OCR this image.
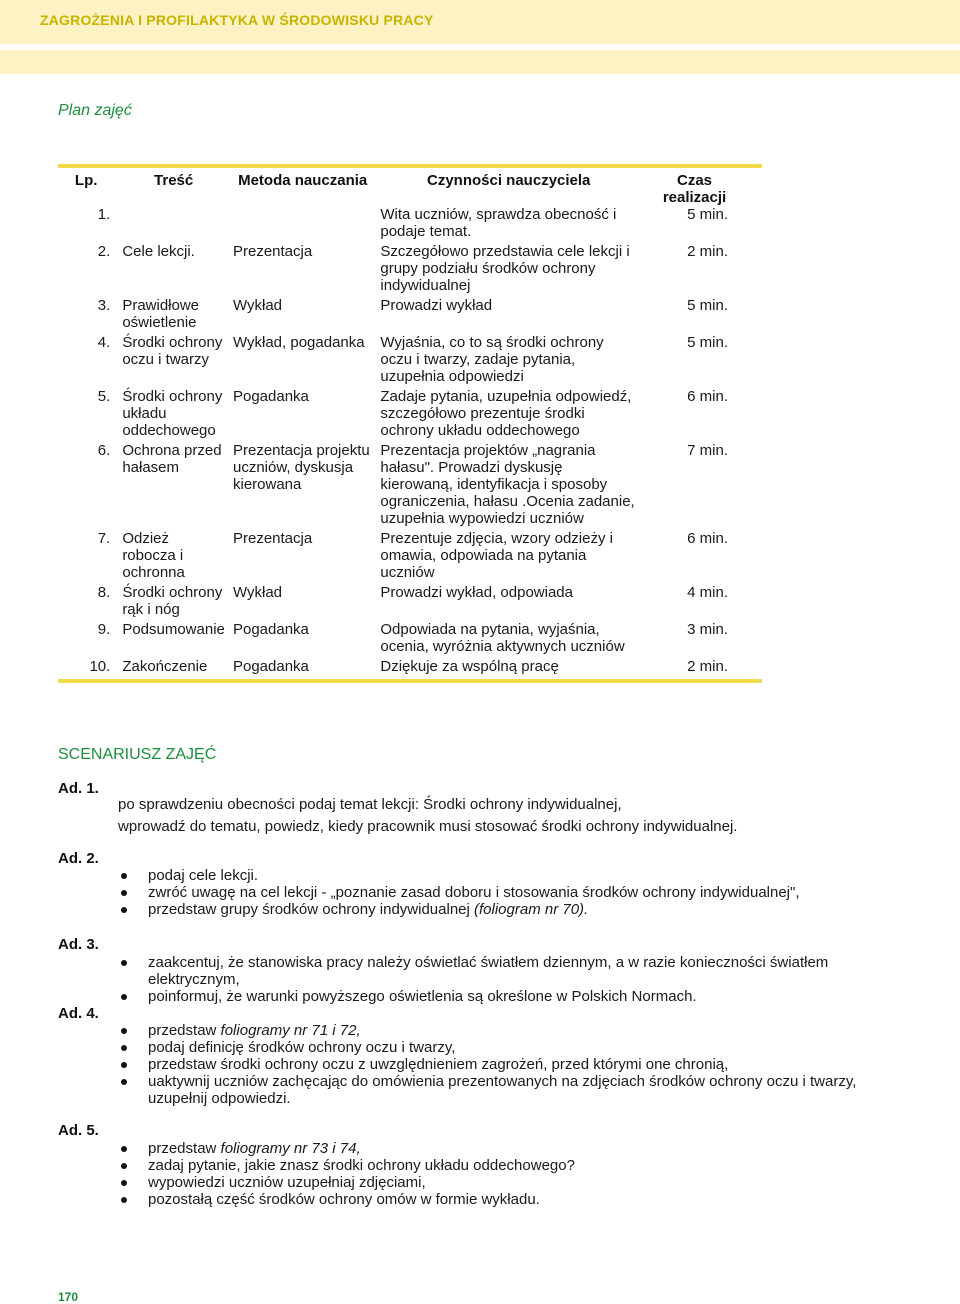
ZAGROŻENIA I PROFILAKTYKA W ŚRODOWISKU PRACY
Plan zajęć
Lp.	Treść	Metoda nauczania	Czynności nauczyciela	Czas realizacji
1.			Wita uczniów, sprawdza obecność i podaje temat.	5 min.
2.	Cele lekcji.	Prezentacja	Szczegółowo przedstawia cele lekcji i grupy podziału środków ochrony indywidualnej	2 min.
3.	Prawidłowe oświetlenie	Wykład	Prowadzi wykład	5 min.
4.	Środki ochrony oczu i twarzy	Wykład, pogadanka	Wyjaśnia, co to są środki ochrony oczu i twarzy, zadaje pytania, uzupełnia odpowiedzi	5 min.
5.	Środki ochrony układu oddechowego	Pogadanka	Zadaje pytania, uzupełnia odpowiedź, szczegółowo prezentuje środki ochrony układu oddechowego	6 min.
6.	Ochrona przed hałasem	Prezentacja projektu uczniów, dyskusja kierowana	Prezentacja projektów „nagrania hałasu". Prowadzi dyskusję kierowaną, identyfikacja i sposoby ograniczenia, hałasu .Ocenia zadanie, uzupełnia wypowiedzi uczniów	7 min.
7.	Odzież robocza i ochronna	Prezentacja	Prezentuje zdjęcia, wzory odzieży i omawia, odpowiada na pytania uczniów	6 min.
8.	Środki ochrony rąk i nóg	Wykład	Prowadzi wykład, odpowiada	4 min.
9.	Podsumowanie	Pogadanka	Odpowiada na pytania, wyjaśnia, ocenia, wyróżnia aktywnych uczniów	3 min.
10.	Zakończenie	Pogadanka	Dziękuje za wspólną pracę	2 min.
SCENARIUSZ ZAJĘĆ
Ad. 1.
po sprawdzeniu obecności podaj temat lekcji: Środki ochrony indywidualnej,
wprowadź do tematu, powiedz, kiedy pracownik musi stosować środki ochrony indywidualnej.
Ad. 2.
podaj cele lekcji.
zwróć uwagę na cel lekcji - „poznanie zasad doboru i stosowania środków ochrony indywidualnej",
przedstaw grupy środków ochrony indywidualnej (foliogram nr 70).
Ad. 3.
zaakcentuj, że stanowiska pracy należy oświetlać światłem dziennym, a w razie konieczności światłem elektrycznym,
poinformuj, że warunki powyższego oświetlenia są określone w Polskich Normach.
Ad. 4.
przedstaw foliogramy nr 71 i 72,
podaj definicję środków ochrony oczu i twarzy,
przedstaw środki ochrony oczu z uwzględnieniem zagrożeń, przed którymi one chronią,
uaktywnij uczniów zachęcając do omówienia prezentowanych na zdjęciach środków ochrony oczu i twarzy, uzupełnij odpowiedzi.
Ad. 5.
przedstaw foliogramy nr 73 i 74,
zadaj pytanie, jakie znasz środki ochrony układu oddechowego?
wypowiedzi uczniów uzupełniaj zdjęciami,
pozostałą część środków ochrony omów w formie wykładu.
170
